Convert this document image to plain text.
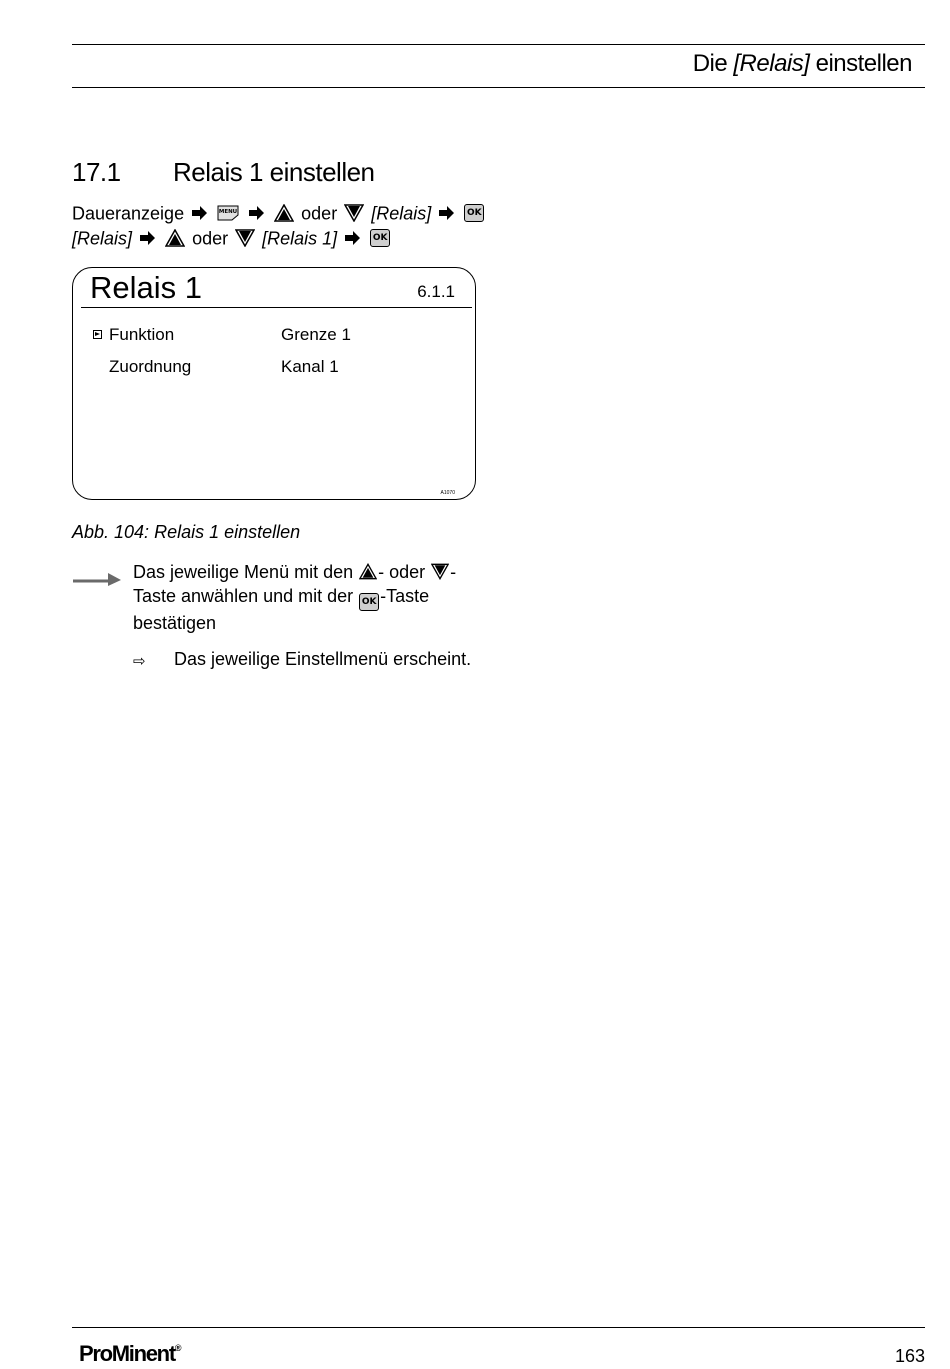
Die [Relais] einstellen
17.1 Relais 1 einstellen
Daueranzeige	MENU	oder [Relais]	OK
[Relais]	oder [Relais 1]	OK
Relais 1	6.1.1
Funktion	Grenze 1
Zuordnung	Kanal 1
A1070
Abb. 104: Relais 1 einstellen
Das jeweilige Menü mit den - oder -
Taste anwählen und mit der OK -Taste bestätigen
⇨ Das jeweilige Einstellmenü erscheint.
ProMinent®	163
